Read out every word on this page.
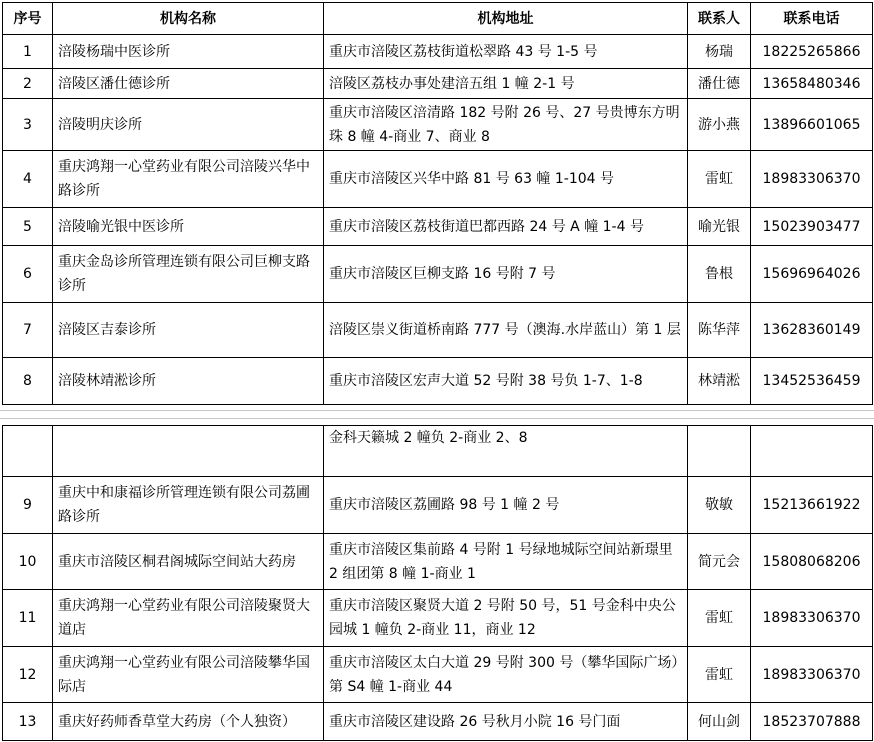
序号	机构名称	机构地址	联系人	联系电话
1	涪陵杨瑞中医诊所	重庆市涪陵区荔枝街道松翠路 43 号 1-5 号	杨瑞	18225265866
2	涪陵区潘仕德诊所	涪陵区荔枝办事处建涪五组 1 幢 2-1 号	潘仕德	13658480346
3	涪陵明庆诊所	重庆市涪陵区涪清路 182 号附 26 号、27 号贵博东方明珠 8 幢 4-商业 7、商业 8	游小燕	13896601065
4	重庆鸿翔一心堂药业有限公司涪陵兴华中路诊所	重庆市涪陵区兴华中路 81 号 63 幢 1-104 号	雷虹	18983306370
5	涪陵喻光银中医诊所	重庆市涪陵区荔枝街道巴都西路 24 号 A 幢 1-4 号	喻光银	15023903477
6	重庆金岛诊所管理连锁有限公司巨柳支路诊所	重庆市涪陵区巨柳支路 16 号附 7 号	鲁根	15696964026
7	涪陵区吉泰诊所	涪陵区崇义街道桥南路 777 号（澳海.水岸蓝山）第 1 层	陈华萍	13628360149
8	涪陵林靖淞诊所	重庆市涪陵区宏声大道 52 号附 38 号负 1-7、1-8	林靖淞	13452536459
		金科天籁城 2 幢负 2-商业 2、8		
9	重庆中和康福诊所管理连锁有限公司荔圃路诊所	重庆市涪陵区荔圃路 98 号 1 幢 2 号	敬敏	15213661922
10	重庆市涪陵区桐君阁城际空间站大药房	重庆市涪陵区集前路 4 号附 1 号绿地城际空间站新璟里 2 组团第 8 幢 1-商业 1	简元会	15808068206
11	重庆鸿翔一心堂药业有限公司涪陵聚贤大道店	重庆市涪陵区聚贤大道 2 号附 50 号，51 号金科中央公园城 1 幢负 2-商业 11，商业 12	雷虹	18983306370
12	重庆鸿翔一心堂药业有限公司涪陵攀华国际店	重庆市涪陵区太白大道 29 号附 300 号（攀华国际广场）第 S4 幢 1-商业 44	雷虹	18983306370
13	重庆好药师香草堂大药房（个人独资）	重庆市涪陵区建设路 26 号秋月小院 16 号门面	何山剑	18523707888
